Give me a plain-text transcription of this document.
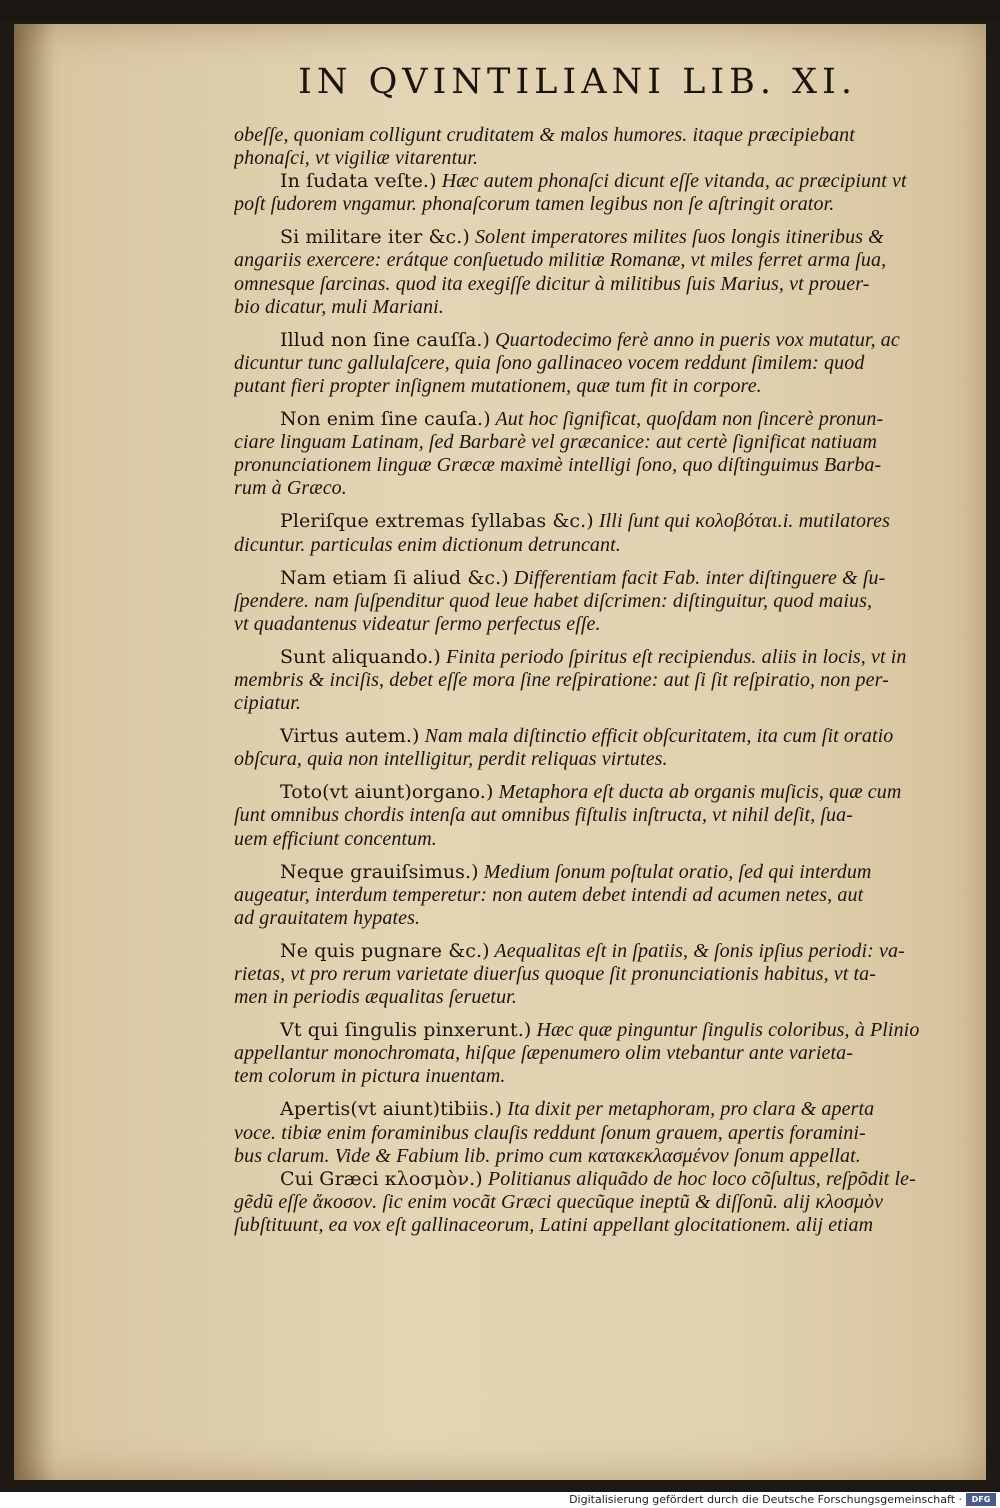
IN QVINTILIANI LIB. XI.
obeſſe, quoniam colligunt cruditatem & malos humores. itaque præcipiebant
phonaſci, vt vigiliæ vitarentur.
In ſudata veſte.) Hæc autem phonaſci dicunt eſſe vitanda, ac præcipiunt vt
poſt ſudorem vngamur. phonaſcorum tamen legibus non ſe aſtringit orator.
Si militare iter &c.) Solent imperatores milites ſuos longis itineribus &
angariis exercere: erátque conſuetudo militiæ Romanæ, vt miles ferret arma ſua,
omnesque ſarcinas. quod ita exegiſſe dicitur à militibus ſuis Marius, vt prouer-
bio dicatur, muli Mariani.
Illud non ſine cauſſa.) Quartodecimo ferè anno in pueris vox mutatur, ac
dicuntur tunc gallulaſcere, quia ſono gallinaceo vocem reddunt ſimilem: quod
putant fieri propter inſignem mutationem, quæ tum fit in corpore.
Non enim ſine cauſa.) Aut hoc ſignificat, quoſdam non ſincerè pronun-
ciare linguam Latinam, ſed Barbarè vel græcanice: aut certè ſignificat natiuam
pronunciationem linguæ Græcæ maximè intelligi ſono, quo diſtinguimus Barba-
rum à Græco.
Pleriſque extremas ſyllabas &c.) Illi ſunt qui κολοβόται.i. mutilatores
dicuntur. particulas enim dictionum detruncant.
Nam etiam ſi aliud &c.) Differentiam facit Fab. inter diſtinguere & ſu-
ſpendere. nam ſuſpenditur quod leue habet diſcrimen: diſtinguitur, quod maius,
vt quadantenus videatur ſermo perfectus eſſe.
Sunt aliquando.) Finita periodo ſpiritus eſt recipiendus. aliis in locis, vt in
membris & inciſis, debet eſſe mora ſine reſpiratione: aut ſi ſit reſpiratio, non per-
cipiatur.
Virtus autem.) Nam mala diſtinctio efficit obſcuritatem, ita cum ſit oratio
obſcura, quia non intelligitur, perdit reliquas virtutes.
Toto(vt aiunt)organo.) Metaphora eſt ducta ab organis muſicis, quæ cum
ſunt omnibus chordis intenſa aut omnibus fiſtulis inſtructa, vt nihil deſit, ſua-
uem efficiunt concentum.
Neque grauiſsimus.) Medium ſonum poſtulat oratio, ſed qui interdum
augeatur, interdum temperetur: non autem debet intendi ad acumen netes, aut
ad grauitatem hypates.
Ne quis pugnare &c.) Aequalitas eſt in ſpatiis, & ſonis ipſius periodi: va-
rietas, vt pro rerum varietate diuerſus quoque ſit pronunciationis habitus, vt ta-
men in periodis æqualitas ſeruetur.
Vt qui ſingulis pinxerunt.) Hæc quæ pinguntur ſingulis coloribus, à Plinio
appellantur monochromata, hiſque ſæpenumero olim vtebantur ante varieta-
tem colorum in pictura inuentam.
Apertis(vt aiunt)tibiis.) Ita dixit per metaphoram, pro clara & aperta
voce. tibiæ enim foraminibus clauſis reddunt ſonum grauem, apertis foramini-
bus clarum. Vide & Fabium lib. primo cum κατακεκλασμένον ſonum appellat.
Cui Græci κλοσμὸν.) Politianus aliquãdo de hoc loco cõſultus, reſpõdit le-
gẽdũ eſſe ἄκοσον. ſic enim vocãt Græci quecũque ineptũ & diſſonũ. alij κλοσμὸν
ſubſtituunt, ea vox eſt gallinaceorum, Latini appellant glocitationem. alij etiam
Digitalisierung gefördert durch die Deutsche Forschungsgemeinschaft ·	DFG
